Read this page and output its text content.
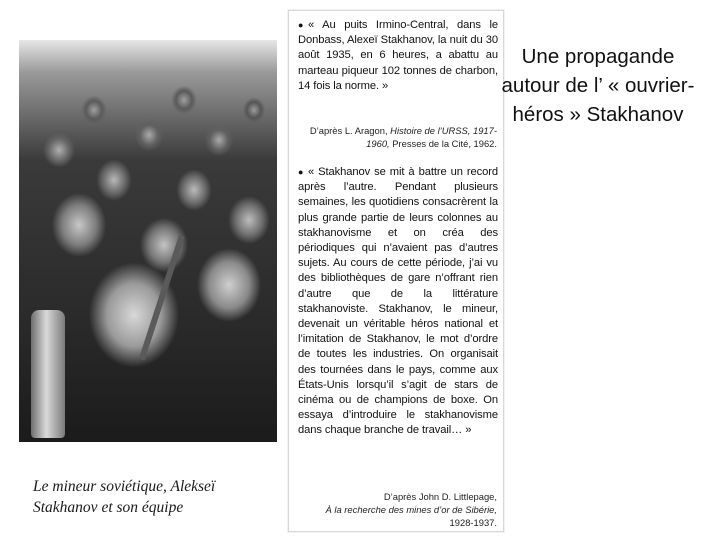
Le mineur soviétique, Alekseï Stakhanov et son équipe

● « Au puits Irmino-Central, dans le Donbass, Alexeï Stakhanov, la nuit du 30 août 1935, en 6 heures, a abattu au marteau piqueur 102 tonnes de charbon, 14 fois la norme. »

D’après L. Aragon, Histoire de l’URSS, 1917-1960, Presses de la Cité, 1962.

● « Stakhanov se mit à battre un record après l’autre. Pendant plusieurs semaines, les quotidiens consacrèrent la plus grande partie de leurs colonnes au stakhanovisme et on créa des périodiques qui n’avaient pas d’autres sujets. Au cours de cette période, j’ai vu des bibliothèques de gare n’offrant rien d’autre que de la littérature stakhanoviste. Stakhanov, le mineur, devenait un véritable héros national et l’imitation de Stakhanov, le mot d’ordre de toutes les industries. On organisait des tournées dans le pays, comme aux États-Unis lorsqu’il s’agit de stars de cinéma ou de champions de boxe. On essaya d’introduire le stakhanovisme dans chaque branche de travail… »

D’après John D. Littlepage,
À la recherche des mines d’or de Sibérie,
1928-1937.

Une propagande autour de l’ « ouvrier-héros » Stakhanov
